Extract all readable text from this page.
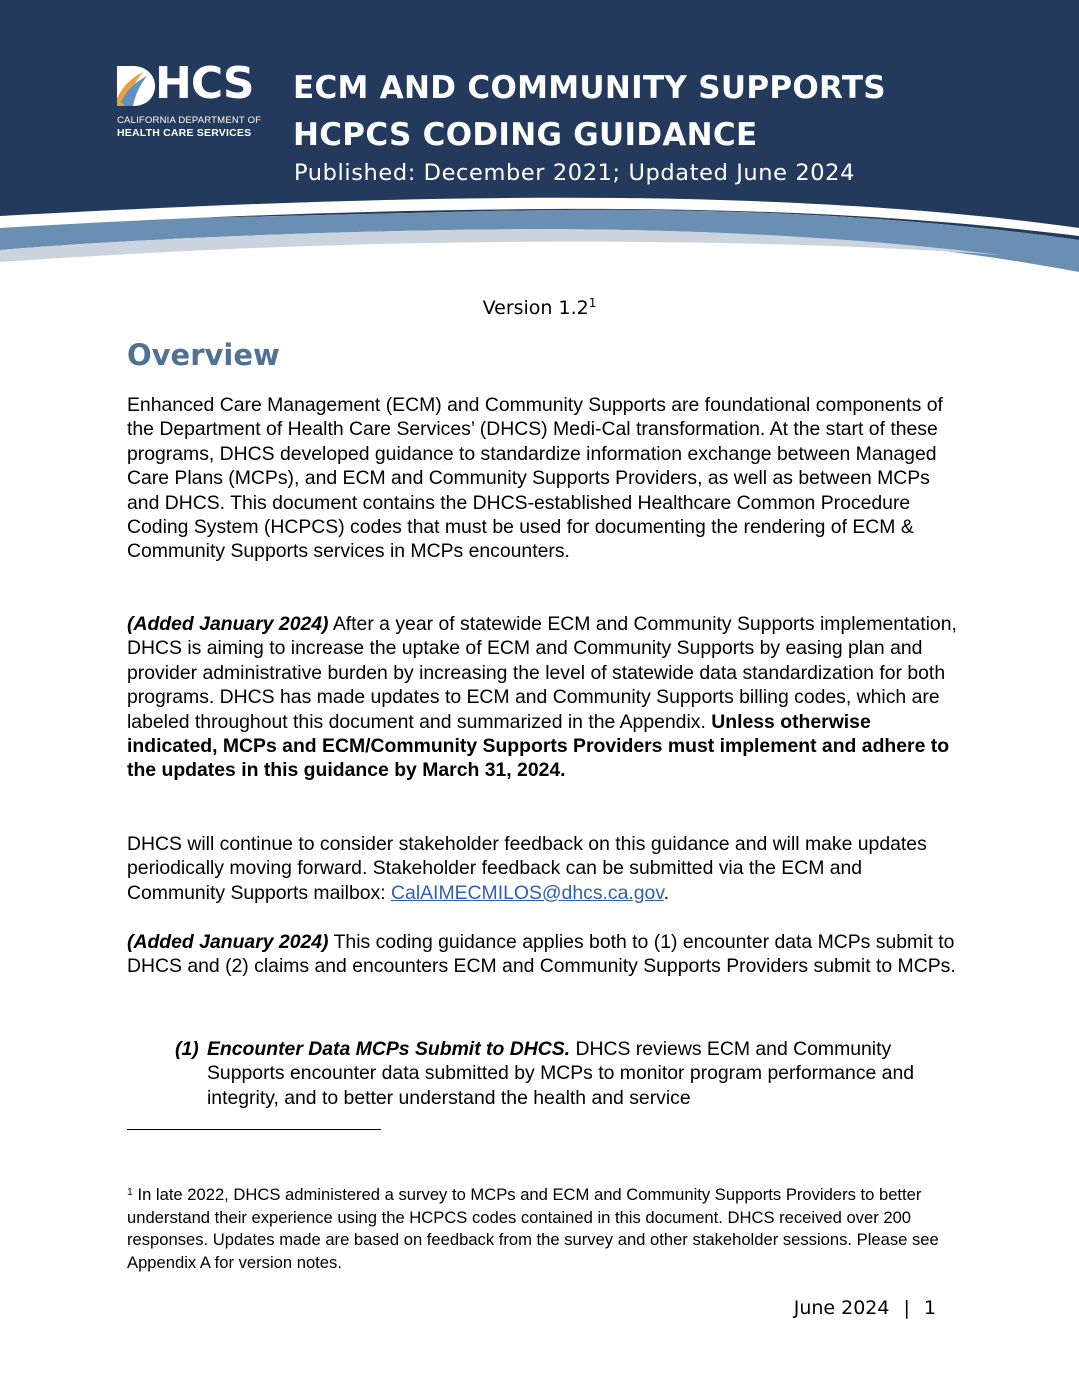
HCS
CALIFORNIA DEPARTMENT OF
HEALTH CARE SERVICES
ECM AND COMMUNITY SUPPORTS
HCPCS CODING GUIDANCE
Published: December 2021; Updated June 2024
Version $1.2^1$
Overview

Enhanced Care Management (ECM) and Community Supports are foundational components of the Department of Health Care Services’ (DHCS) Medi-Cal transformation. At the start of these programs, DHCS developed guidance to standardize information exchange between Managed Care Plans (MCPs), and ECM and Community Supports Providers, as well as between MCPs and DHCS. This document contains the DHCS-established Healthcare Common Procedure Coding System (HCPCS) codes that must be used for documenting the rendering of ECM & Community Supports services in MCPs encounters.

(Added January 2024) After a year of statewide ECM and Community Supports implementation, DHCS is aiming to increase the uptake of ECM and Community Supports by easing plan and provider administrative burden by increasing the level of statewide data standardization for both programs. DHCS has made updates to ECM and Community Supports billing codes, which are labeled throughout this document and summarized in the Appendix. Unless otherwise indicated, MCPs and ECM/Community Supports Providers must implement and adhere to the updates in this guidance by March 31, 2024.

DHCS will continue to consider stakeholder feedback on this guidance and will make updates periodically moving forward. Stakeholder feedback can be submitted via the ECM and Community Supports mailbox: CalAIMECMILOS@dhcs.ca.gov.

(Added January 2024) This coding guidance applies both to (1) encounter data MCPs submit to DHCS and (2) claims and encounters ECM and Community Supports Providers submit to MCPs.

(1) Encounter Data MCPs Submit to DHCS. DHCS reviews ECM and Community Supports encounter data submitted by MCPs to monitor program performance and integrity, and to better understand the health and service

$^1$ In late 2022, DHCS administered a survey to MCPs and ECM and Community Supports Providers to better understand their experience using the HCPCS codes contained in this document. DHCS received over 200 responses. Updates made are based on feedback from the survey and other stakeholder sessions. Please see Appendix A for version notes.

June 2024 | 1
